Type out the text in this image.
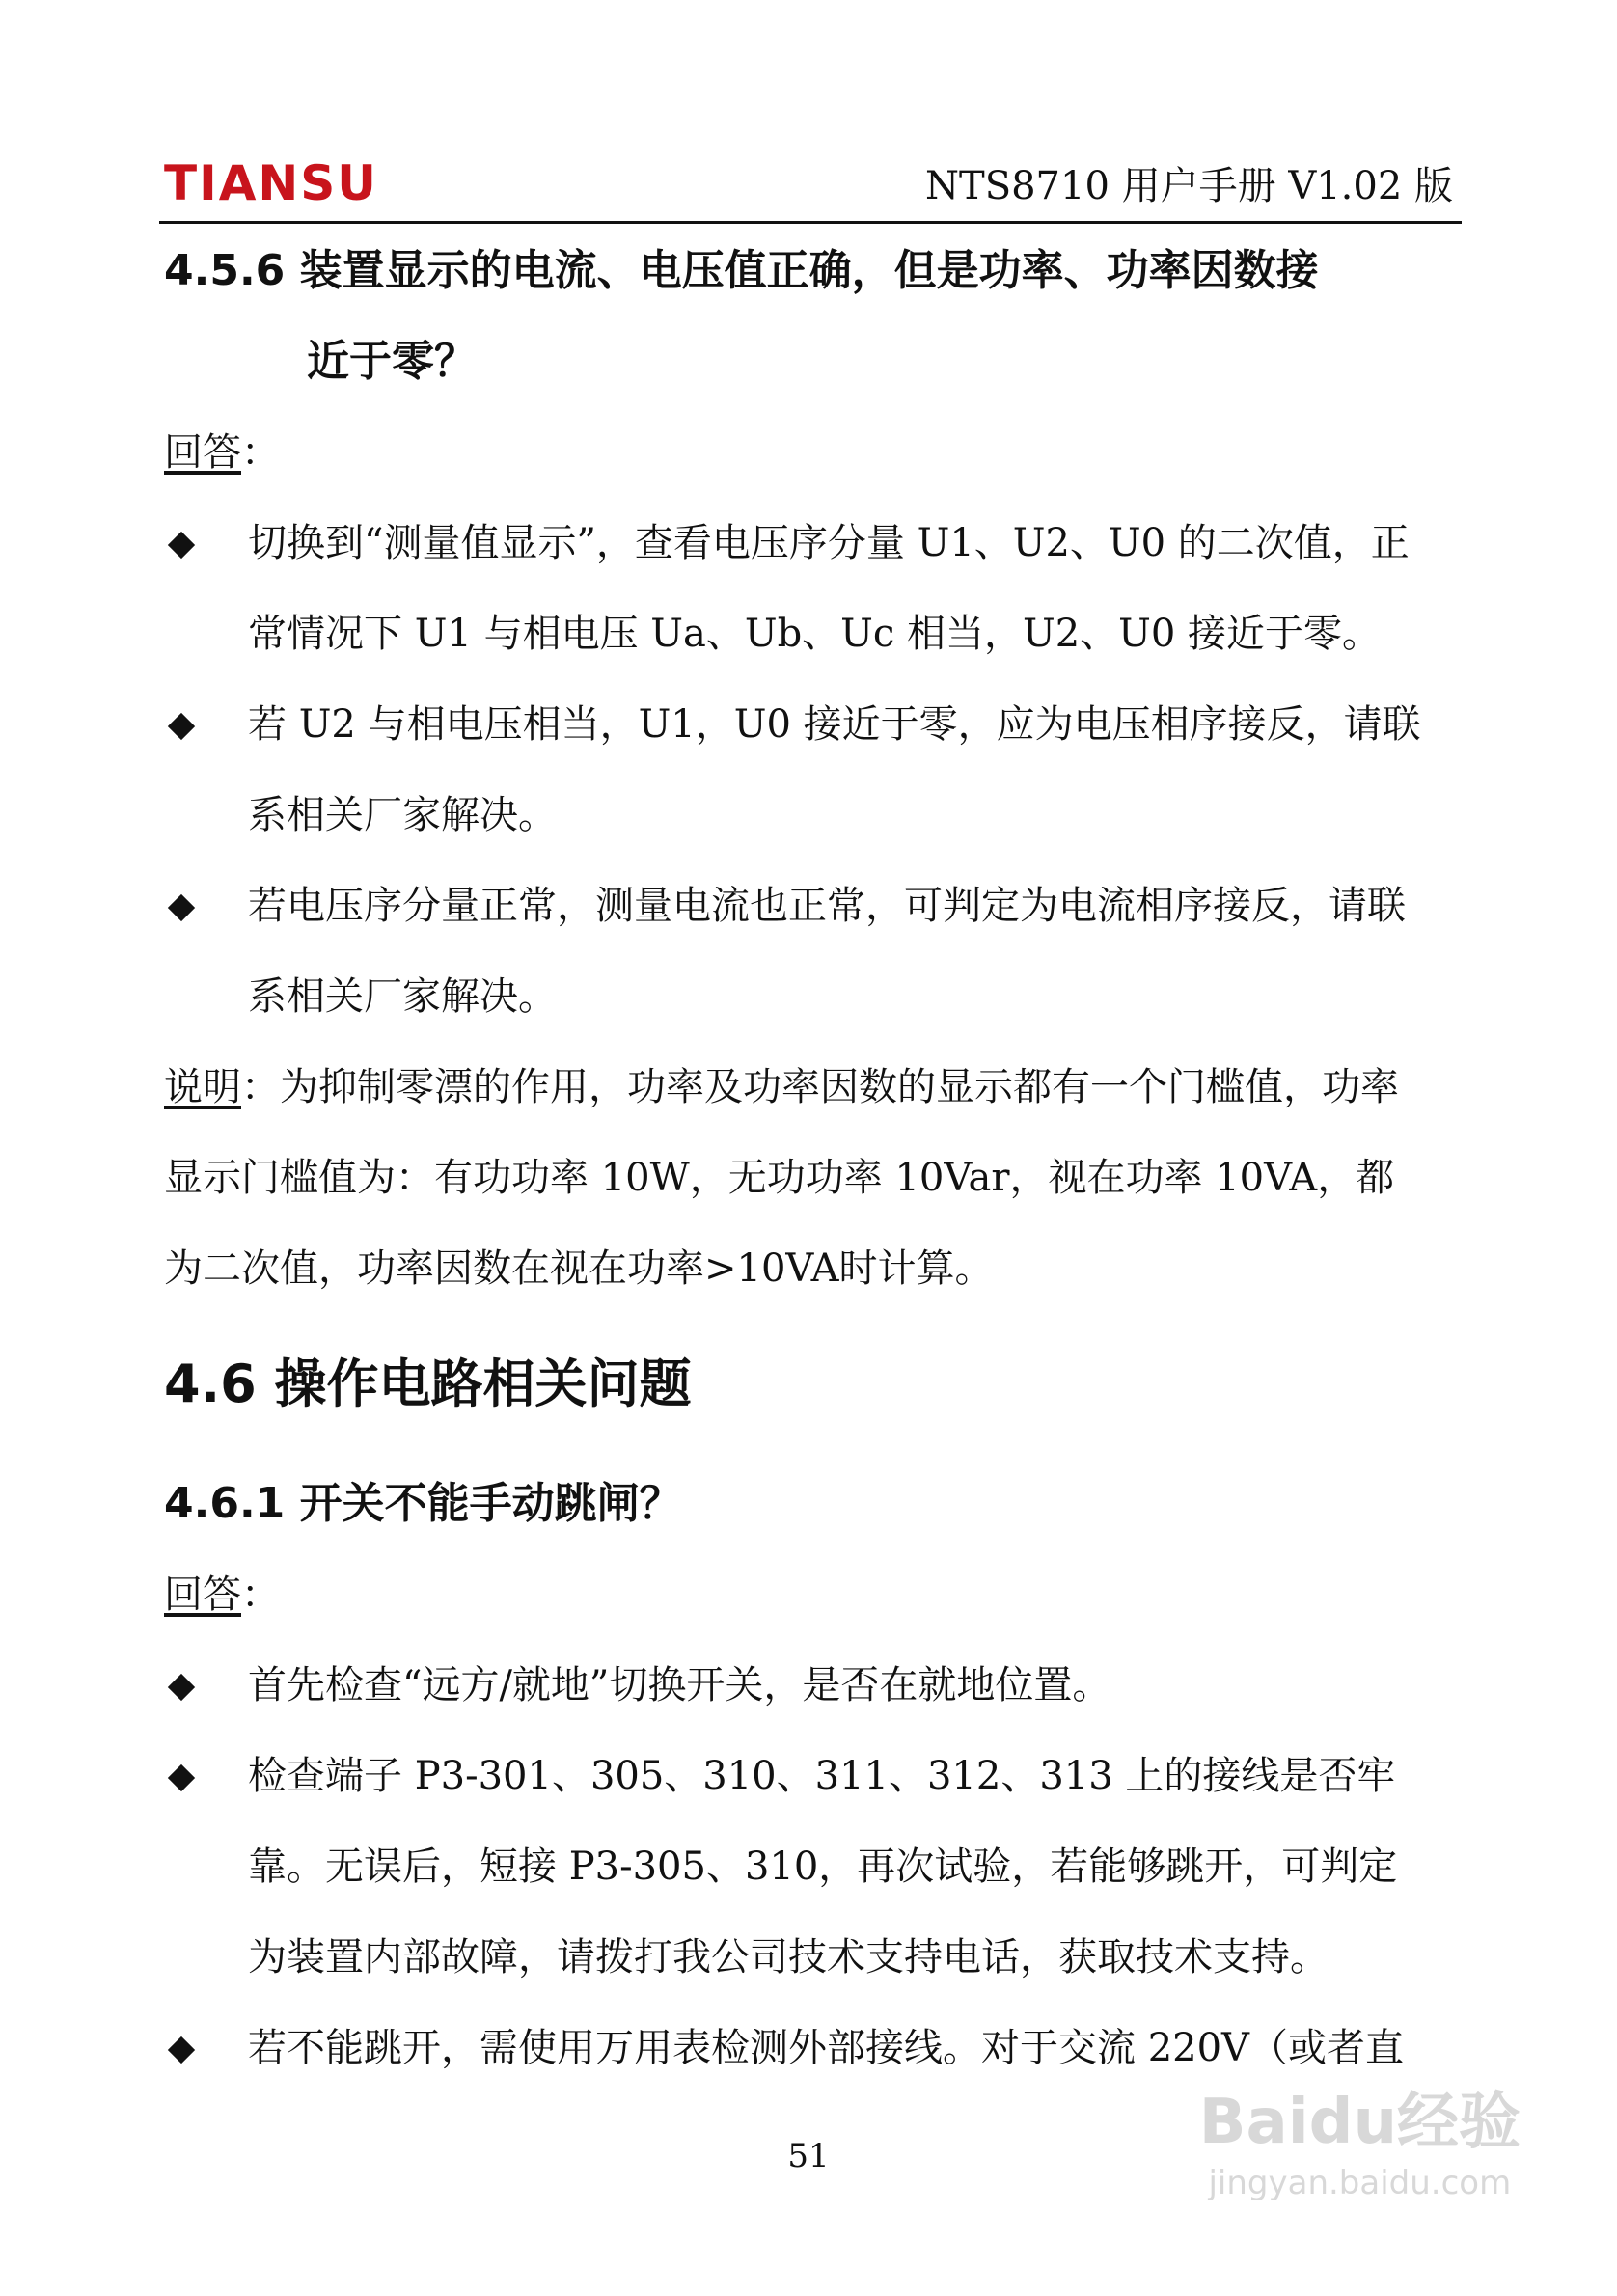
TIANSU	NTS8710 用户手册 V1.02 版
4.5.6 装置显示的电流、电压值正确，但是功率、功率因数接
近于零？
回答：
切换到“测量值显示”，查看电压序分量 U1、U2、U0 的二次值，正常情况下 U1 与相电压 Ua、Ub、Uc 相当，U2、U0 接近于零。
若 U2 与相电压相当，U1，U0 接近于零，应为电压相序接反，请联系相关厂家解决。
若电压序分量正常，测量电流也正常，可判定为电流相序接反，请联系相关厂家解决。
说明：为抑制零漂的作用，功率及功率因数的显示都有一个门槛值，功率显示门槛值为：有功功率 10W，无功功率 10Var，视在功率 10VA，都为二次值，功率因数在视在功率>10VA时计算。
4.6 操作电路相关问题
4.6.1 开关不能手动跳闸？
回答：
首先检查“远方/就地”切换开关，是否在就地位置。
检查端子 P3-301、305、310、311、312、313 上的接线是否牢靠。无误后，短接 P3-305、310，再次试验，若能够跳开，可判定为装置内部故障，请拨打我公司技术支持电话，获取技术支持。
若不能跳开，需使用万用表检测外部接线。对于交流 220V（或者直
51	Baidu经验
jingyan.baidu.com
